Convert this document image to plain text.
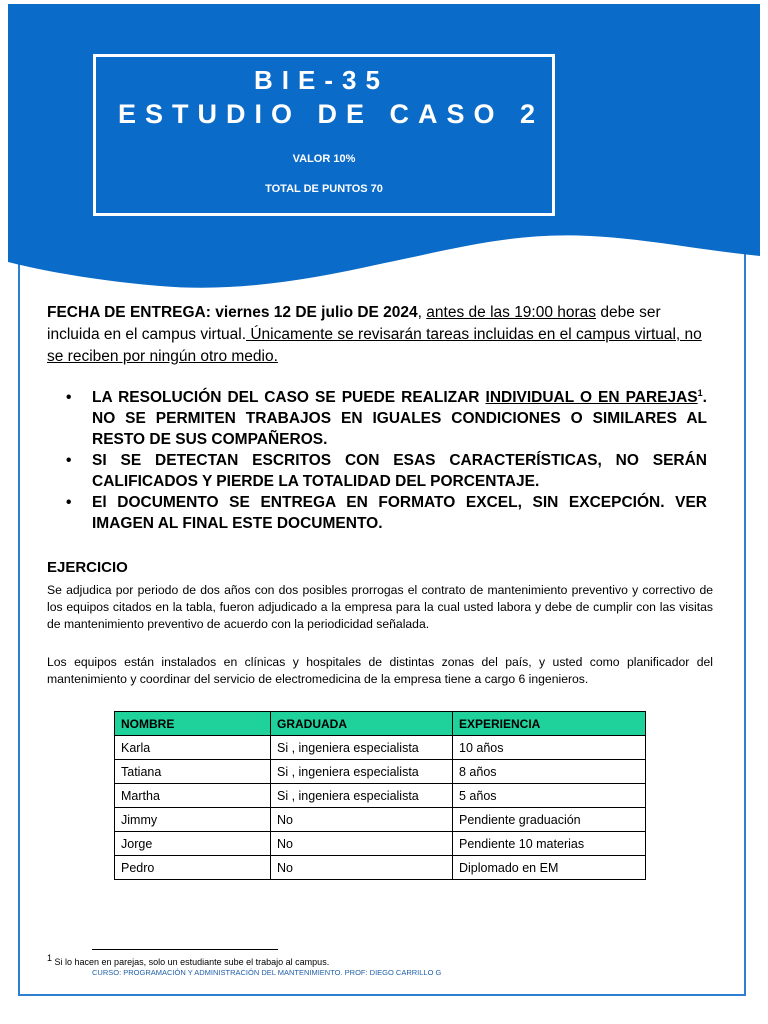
BIE-35
ESTUDIO DE CASO 2
VALOR 10%
TOTAL DE PUNTOS 70
FECHA DE ENTREGA: viernes 12 DE julio DE 2024, antes de las 19:00 horas debe ser incluida en el campus virtual. Únicamente se revisarán tareas incluidas en el campus virtual, no se reciben por ningún otro medio.
• LA RESOLUCIÓN DEL CASO SE PUEDE REALIZAR INDIVIDUAL O EN PAREJAS$^1$. NO SE PERMITEN TRABAJOS EN IGUALES CONDICIONES O SIMILARES AL RESTO DE SUS COMPAÑEROS.
• SI SE DETECTAN ESCRITOS CON ESAS CARACTERÍSTICAS, NO SERÁN CALIFICADOS Y PIERDE LA TOTALIDAD DEL PORCENTAJE.
• El DOCUMENTO SE ENTREGA EN FORMATO EXCEL, SIN EXCEPCIÓN. VER IMAGEN AL FINAL ESTE DOCUMENTO.
EJERCICIO
Se adjudica por periodo de dos años con dos posibles prorrogas el contrato de mantenimiento preventivo y correctivo de los equipos citados en la tabla, fueron adjudicado a la empresa para la cual usted labora y debe de cumplir con las visitas de mantenimiento preventivo de acuerdo con la periodicidad señalada.
Los equipos están instalados en clínicas y hospitales de distintas zonas del país, y usted como planificador del mantenimiento y coordinar del servicio de electromedicina de la empresa tiene a cargo 6 ingenieros.
NOMBRE	GRADUADA	EXPERIENCIA
Karla	Si , ingeniera especialista	10 años
Tatiana	Si , ingeniera especialista	8 años
Martha	Si , ingeniera especialista	5 años
Jimmy	No	Pendiente graduación
Jorge	No	Pendiente 10 materias
Pedro	No	Diplomado en EM
$^1$ Si lo hacen en parejas, solo un estudiante sube el trabajo al campus.
CURSO: PROGRAMACIÓN Y ADMINISTRACIÓN DEL MANTENIMIENTO. PROF: DIEGO CARRILLO G
